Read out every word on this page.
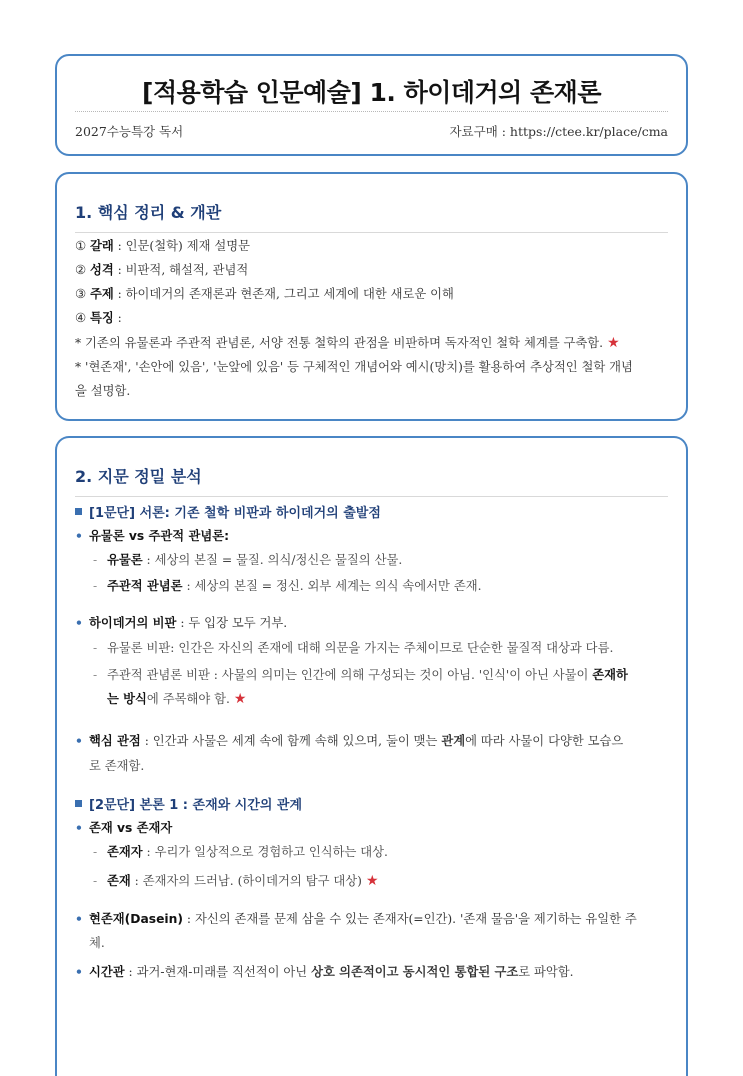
[적용학습 인문예술] 1. 하이데거의 존재론
2027수능특강 독서	자료구매 : https://ctee.kr/place/cma
1. 핵심 정리 & 개관
① 갈래 : 인문(철학) 제재 설명문
② 성격 : 비판적, 해설적, 관념적
③ 주제 : 하이데거의 존재론과 현존재, 그리고 세계에 대한 새로운 이해
④ 특징 :
* 기존의 유물론과 주관적 관념론, 서양 전통 철학의 관점을 비판하며 독자적인 철학 체계를 구축함. ★
* '현존재', '손안에 있음', '눈앞에 있음' 등 구체적인 개념어와 예시(망치)를 활용하여 추상적인 철학 개념
을 설명함.
2. 지문 정밀 분석
[1문단] 서론: 기존 철학 비판과 하이데거의 출발점
• 유물론 vs 주관적 관념론:
- 유물론 : 세상의 본질 = 물질. 의식/정신은 물질의 산물.
- 주관적 관념론 : 세상의 본질 = 정신. 외부 세계는 의식 속에서만 존재.
• 하이데거의 비판 : 두 입장 모두 거부.
- 유물론 비판: 인간은 자신의 존재에 대해 의문을 가지는 주체이므로 단순한 물질적 대상과 다름.
- 주관적 관념론 비판 : 사물의 의미는 인간에 의해 구성되는 것이 아님. '인식'이 아닌 사물이 존재하
는 방식에 주목해야 함. ★
• 핵심 관점 : 인간과 사물은 세계 속에 함께 속해 있으며, 둘이 맺는 관계에 따라 사물이 다양한 모습으
로 존재함.
[2문단] 본론 1 : 존재와 시간의 관계
• 존재 vs 존재자
- 존재자 : 우리가 일상적으로 경험하고 인식하는 대상.
- 존재 : 존재자의 드러남. (하이데거의 탐구 대상) ★
• 현존재(Dasein) : 자신의 존재를 문제 삼을 수 있는 존재자(=인간). '존재 물음'을 제기하는 유일한 주
체.
• 시간관 : 과거-현재-미래를 직선적이 아닌 상호 의존적이고 동시적인 통합된 구조로 파악함.
